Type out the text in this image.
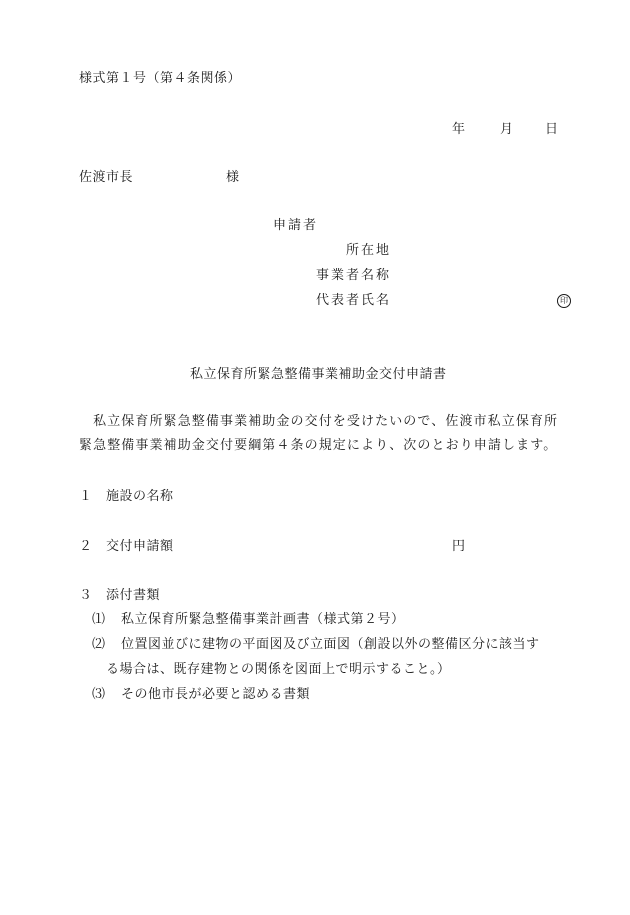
様式第１号（第４条関係）
年	月 日
佐渡市長	様
申請者
所在地
事業者名称
代表者氏名	印
私立保育所緊急整備事業補助金交付申請書
　私立保育所緊急整備事業補助金の交付を受けたいので、佐渡市私立保育所
緊急整備事業補助金交付要綱第４条の規定により、次のとおり申請します。
１ 施設の名称
２ 交付申請額	円
３ 添付書類
⑴ 私立保育所緊急整備事業計画書（様式第２号）
⑵ 位置図並びに建物の平面図及び立面図（創設以外の整備区分に該当す
る場合は、既存建物との関係を図面上で明示すること。）
⑶ その他市長が必要と認める書類
